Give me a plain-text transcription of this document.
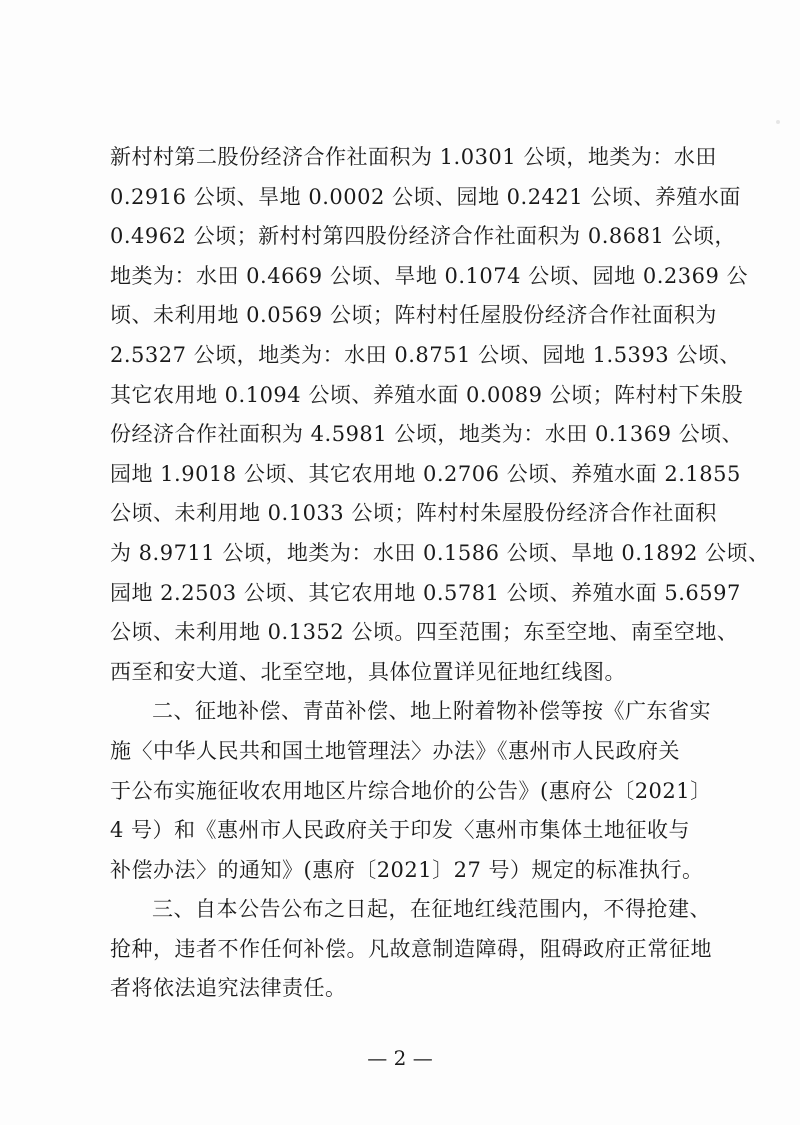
新村村第二股份经济合作社面积为 1.0301 公顷，地类为：水田
0.2916 公顷、旱地 0.0002 公顷、园地 0.2421 公顷、养殖水面
0.4962 公顷；新村村第四股份经济合作社面积为 0.8681 公顷，
地类为：水田 0.4669 公顷、旱地 0.1074 公顷、园地 0.2369 公
顷、未利用地 0.0569 公顷；阵村村任屋股份经济合作社面积为
2.5327 公顷，地类为：水田 0.8751 公顷、园地 1.5393 公顷、
其它农用地 0.1094 公顷、养殖水面 0.0089 公顷；阵村村下朱股
份经济合作社面积为 4.5981 公顷，地类为：水田 0.1369 公顷、
园地 1.9018 公顷、其它农用地 0.2706 公顷、养殖水面 2.1855
公顷、未利用地 0.1033 公顷；阵村村朱屋股份经济合作社面积
为 8.9711 公顷，地类为：水田 0.1586 公顷、旱地 0.1892 公顷、
园地 2.2503 公顷、其它农用地 0.5781 公顷、养殖水面 5.6597
公顷、未利用地 0.1352 公顷。四至范围；东至空地、南至空地、
西至和安大道、北至空地，具体位置详见征地红线图。
二、征地补偿、青苗补偿、地上附着物补偿等按《广东省实
施〈中华人民共和国土地管理法〉办法》《惠州市人民政府关
于公布实施征收农用地区片综合地价的公告》(惠府公〔2021〕
4 号）和《惠州市人民政府关于印发〈惠州市集体土地征收与
补偿办法〉的通知》(惠府〔2021〕27 号）规定的标准执行。
三、自本公告公布之日起，在征地红线范围内，不得抢建、
抢种，违者不作任何补偿。凡故意制造障碍，阻碍政府正常征地
者将依法追究法律责任。
— 2 —
